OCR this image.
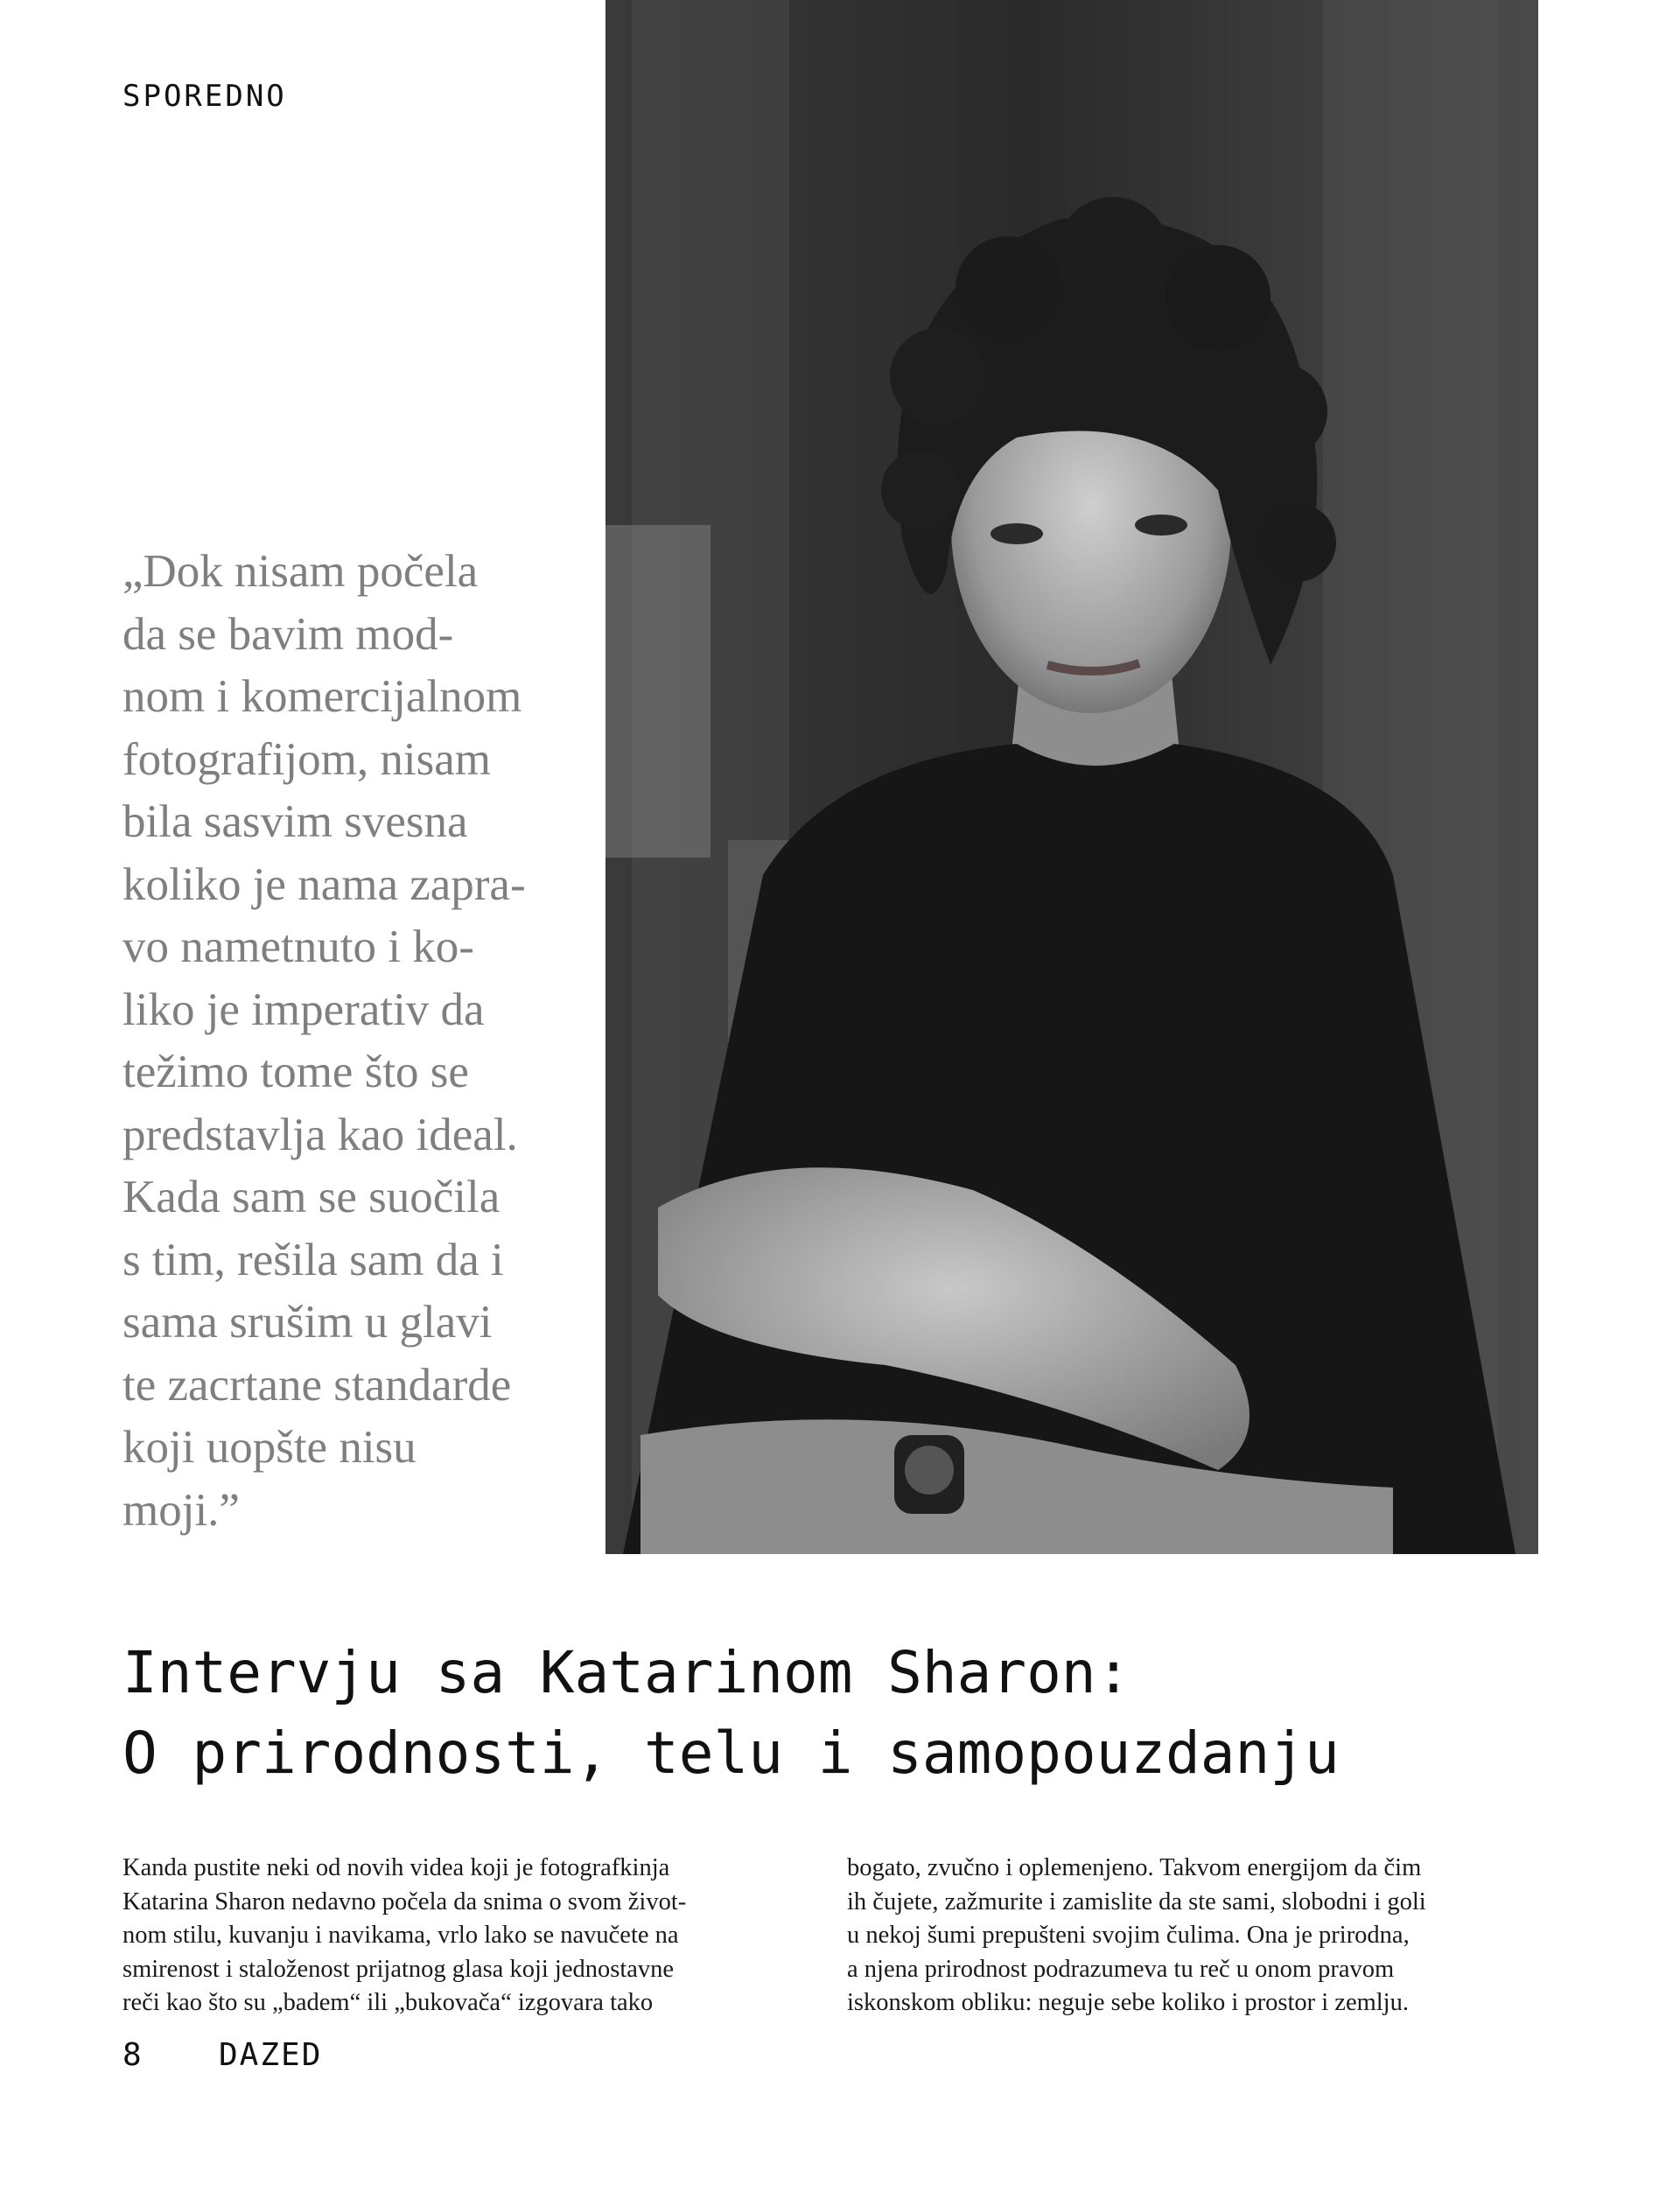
SPOREDNO
„Dok nisam počela
da se bavim mod-
nom i komercijalnom
fotografijom, nisam
bila sasvim svesna
koliko je nama zapra-
vo nametnuto i ko-
liko je imperativ da
težimo tome što se
predstavlja kao ideal.
Kada sam se suočila
s tim, rešila sam da i
sama srušim u glavi
te zacrtane standarde
koji uopšte nisu
moji.”
Intervju sa Katarinom Sharon:
O prirodnosti, telu i samopouzdanju
Kanda pustite neki od novih videa koji je fotografkinja
Katarina Sharon nedavno počela da snima o svom život-
nom stilu, kuvanju i navikama, vrlo lako se navučete na
smirenost i staloženost prijatnog glasa koji jednostavne
reči kao što su „badem“ ili „bukovača“ izgovara tako
bogato, zvučno i oplemenjeno. Takvom energijom da čim
ih čujete, zažmurite i zamislite da ste sami, slobodni i goli
u nekoj šumi prepušteni svojim čulima. Ona je prirodna,
a njena prirodnost podrazumeva tu reč u onom pravom
iskonskom obliku: neguje sebe koliko i prostor i zemlju.
8 DAZED
